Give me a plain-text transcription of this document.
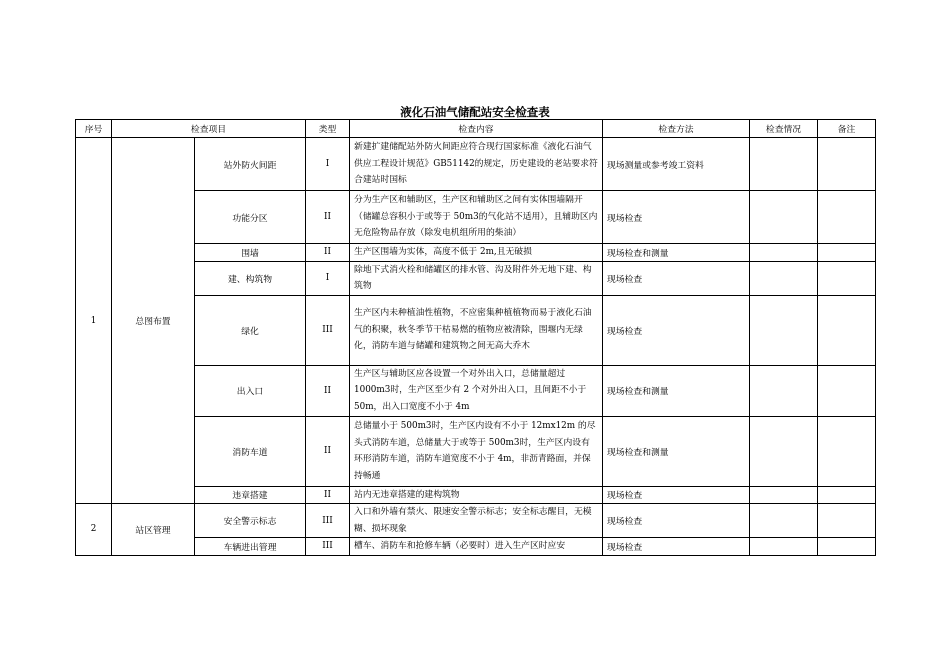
液化石油气储配站安全检查表
序号	检查项目		类型	检查内容	检查方法	检查情况	备注
1	总图布置	站外防火间距	I	新建扩建储配站外防火间距应符合现行国家标准《液化石油气供应工程设计规范》GB51142的规定，历史建设的老站要求符合建站时国标	现场测量或参考竣工资料		
		功能分区	II	分为生产区和辅助区，生产区和辅助区之间有实体围墙隔开（储罐总容积小于或等于 50m3的气化站不适用），且辅助区内无危险物品存放（除发电机组所用的柴油）	现场检查		
		围墙	II	生产区围墙为实体，高度不低于 2m,且无破损	现场检查和测量		
		建、构筑物	I	除地下式消火栓和储罐区的排水管、沟及附件外无地下建、构筑物	现场检查		
		绿化	III	生产区内未种植油性植物，不应密集种植植物而易于液化石油气的积聚，秋冬季节干枯易燃的植物应被清除，围堰内无绿化，消防车道与储罐和建筑物之间无高大乔木	现场检查		
		出入口	II	生产区与辅助区应各设置一个对外出入口，总储量超过 1000m3时，生产区至少有 2 个对外出入口，且间距不小于 50m，出入口宽度不小于 4m	现场检查和测量		
		消防车道	II	总储量小于 500m3时，生产区内设有不小于 12mx12m 的尽头式消防车道，总储量大于或等于 500m3时，生产区内设有环形消防车道，消防车道宽度不小于 4m，非沥青路面，并保持畅通	现场检查和测量		
		违章搭建	II	站内无违章搭建的建构筑物	现场检查		
2	站区管理	安全警示标志	III	入口和外墙有禁火、限速安全警示标志；安全标志醒目，无模糊、损坏现象	现场检查		
		车辆进出管理	III	槽车、消防车和抢修车辆（必要时）进入生产区时应安	现场检查		
